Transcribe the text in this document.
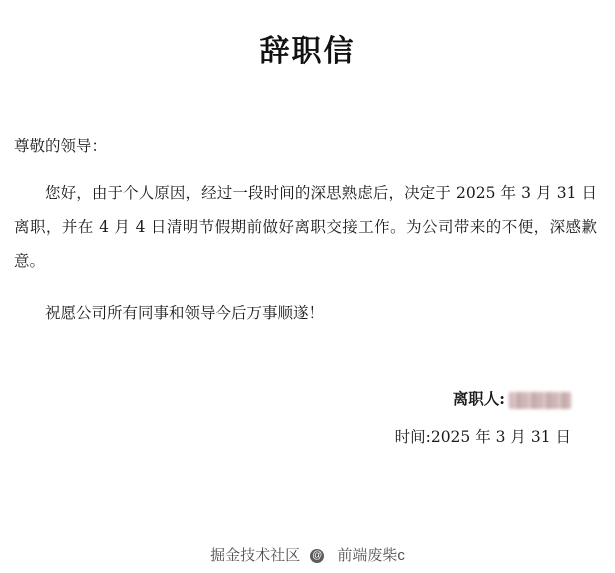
辞职信

尊敬的领导：

您好，由于个人原因，经过一段时间的深思熟虑后，决定于 2025 年 3 月 31 日离职，并在 4 月 4 日清明节假期前做好离职交接工作。为公司带来的不便，深感歉意。

祝愿公司所有同事和领导今后万事顺遂！

离职人:
时间:2025 年 3 月 31 日
掘金技术社区 @ 前端废柴c
